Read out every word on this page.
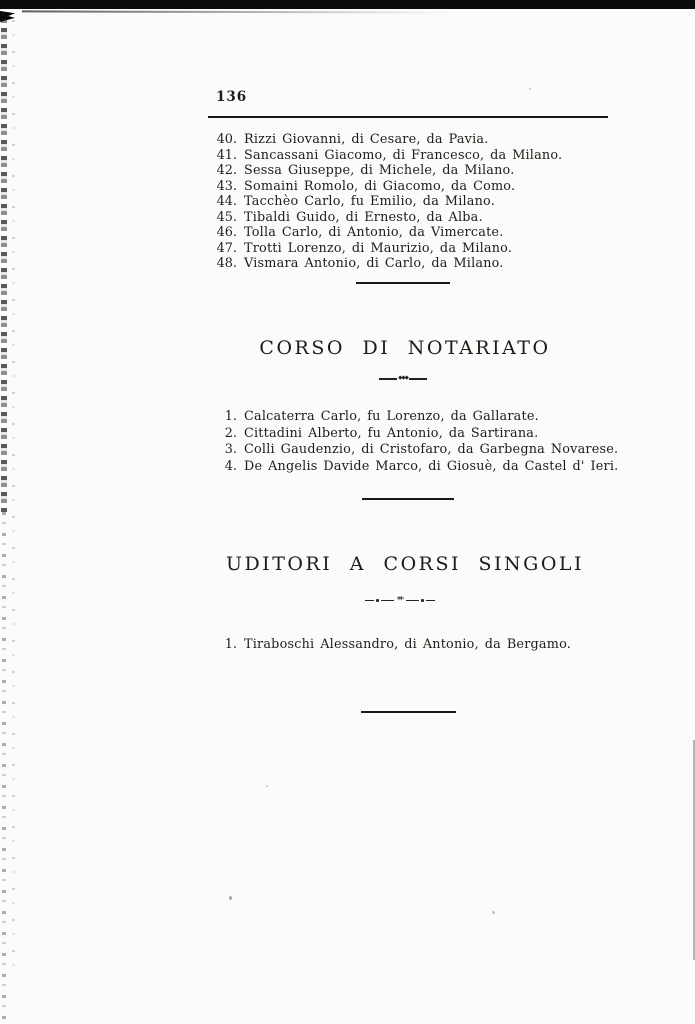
136
40. Rizzi Giovanni, di Cesare, da Pavia.
41. Sancassani Giacomo, di Francesco, da Milano.
42. Sessa Giuseppe, di Michele, da Milano.
43. Somaini Romolo, di Giacomo, da Como.
44. Tacchèo Carlo, fu Emilio, da Milano.
45. Tibaldi Guido, di Ernesto, da Alba.
46. Tolla Carlo, di Antonio, da Vimercate.
47. Trotti Lorenzo, di Maurizio, da Milano.
48. Vismara Antonio, di Carlo, da Milano.
CORSO DI NOTARIATO
◆◆◆
1. Calcaterra Carlo, fu Lorenzo, da Gallarate.
2. Cittadini Alberto, fu Antonio, da Sartirana.
3. Colli Gaudenzio, di Cristofaro, da Garbegna Novarese.
4. De Angelis Davide Marco, di Giosuè, da Castel d' Ieri.
UDITORI A CORSI SINGOLI
∗∗
1. Tiraboschi Alessandro, di Antonio, da Bergamo.
